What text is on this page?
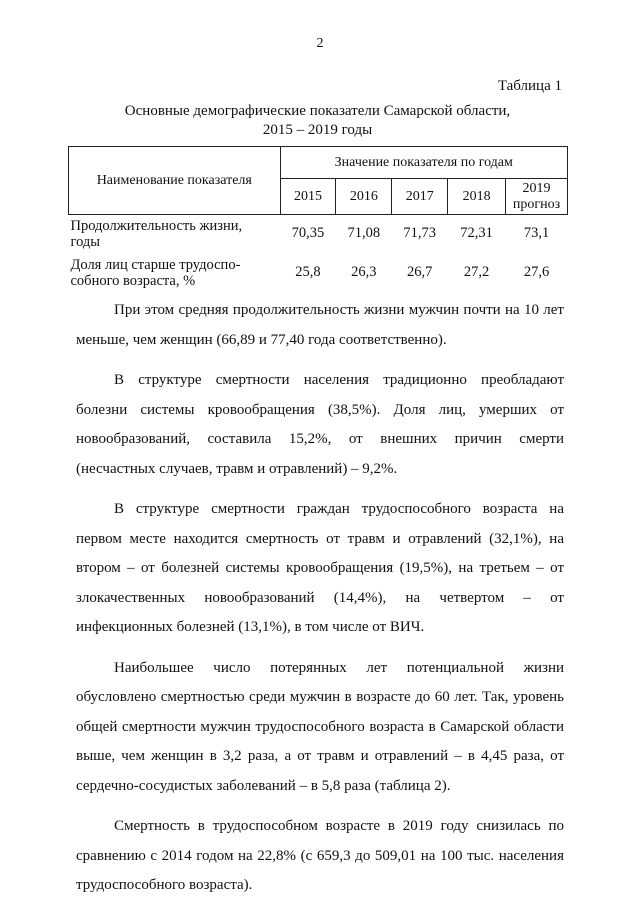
2
Таблица 1
Основные демографические показатели Самарской области,
2015 – 2019 годы
Наименование показателя	Значение показателя по годам				
	2015	2016	2017	2018	2019
прогноз

Продолжительность жизни,
годы	70,35	71,08	71,73	72,31	73,1

Доля лиц старше трудоспо-
собного возраста, %	25,8	26,3	26,7	27,2	27,6

При этом средняя продолжительность жизни мужчин почти на 10 лет меньше, чем женщин (66,89 и 77,40 года соответственно).

В структуре смертности населения традиционно преобладают болезни системы кровообращения (38,5%). Доля лиц, умерших от новообразований, составила 15,2%, от внешних причин смерти (несчастных случаев, травм и отравлений) – 9,2%.

В структуре смертности граждан трудоспособного возраста на первом месте находится смертность от травм и отравлений (32,1%), на втором – от болезней системы кровообращения (19,5%), на третьем – от злокачественных новообразований (14,4%), на четвертом – от инфекционных болезней (13,1%), в том числе от ВИЧ.

Наибольшее число потерянных лет потенциальной жизни обусловлено смертностью среди мужчин в возрасте до 60 лет. Так, уровень общей смертности мужчин трудоспособного возраста в Самарской области выше, чем женщин в 3,2 раза, а от травм и отравлений – в 4,45 раза, от сердечно-сосудистых заболеваний – в 5,8 раза (таблица 2).

Смертность в трудоспособном возрасте в 2019 году снизилась по сравнению с 2014 годом на 22,8% (с 659,3 до 509,01 на 100 тыс. населения трудоспособного возраста).
